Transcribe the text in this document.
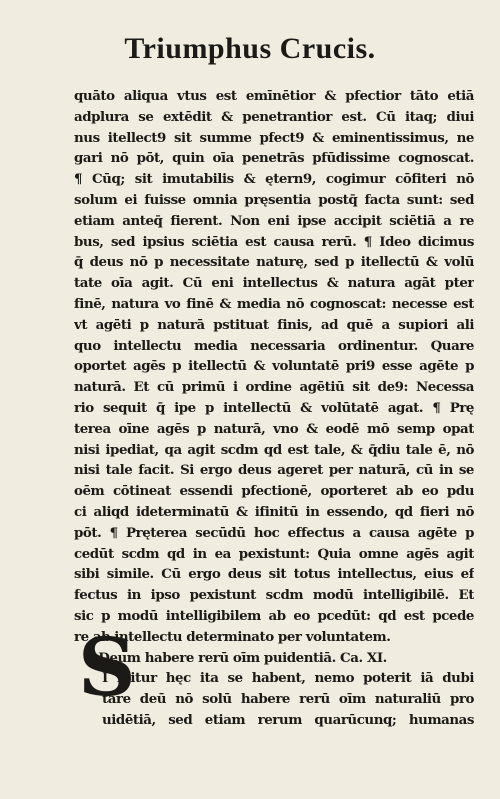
Triumphus Crucis.
quāto aliqua vtus est emīnētior & pfectior tāto etiā
adplura se extēdit & penetrantior est. Cū itaq; diui
nus itellect9 sit summe pfect9 & eminentissimus, ne
gari nō pōt, quin oīa penetrās pfūdissime cognoscat.
¶ Cūq; sit imutabilis & ętern9, cogimur cōfiteri nō
solum ei fuisse omnia pręsentia postq̄ facta sunt: sed
etiam anteq̄ fierent. Non eni ipse accipit sciētiā a re
bus, sed ipsius sciētia est causa rerū. ¶ Ideo dicimus
q̄ deus nō p necessitate naturę, sed p itellectū & volū
tate oīa agit. Cū eni intellectus & natura agāt pter
finē, natura vo finē & media nō cognoscat: necesse est
vt agēti p naturā pstituat finis, ad quē a supiori ali
quo intellectu media necessaria ordinentur. Quare
oportet agēs p itellectū & voluntatē pri9 esse agēte p
naturā. Et cū primū i ordine agētiū sit de9: Necessa
rio sequit q̄ ipe p intellectū & volūtatē agat. ¶ Prę
terea oīne agēs p naturā, vno & eodē mō semp opat
nisi ipediat, qa agit scdm qd est tale, & q̄diu tale ē, nō
nisi tale facit. Si ergo deus ageret per naturā, cū in se
oēm cōtineat essendi pfectionē, oporteret ab eo pdu
ci aliqd ideterminatū & ifinitū in essendo, qd fieri nō
pōt. ¶ Pręterea secūdū hoc effectus a causa agēte p
cedūt scdm qd in ea pexistunt: Quia omne agēs agit
sibi simile. Cū ergo deus sit totus intellectus, eius ef
fectus in ipso pexistunt scdm modū intelligibilē. Et
sic p modū intelligibilem ab eo pcedūt: qd est pcede
re ab intellectu determinato per voluntatem.
¶ Deum habere rerū oīm puidentiā. Ca. XI.
I igitur hęc ita se habent, nemo poterit iā dubi
tare deū nō solū habere rerū oīm naturaliū pro
uidētiā, sed etiam rerum quarūcunq; humanas
S
